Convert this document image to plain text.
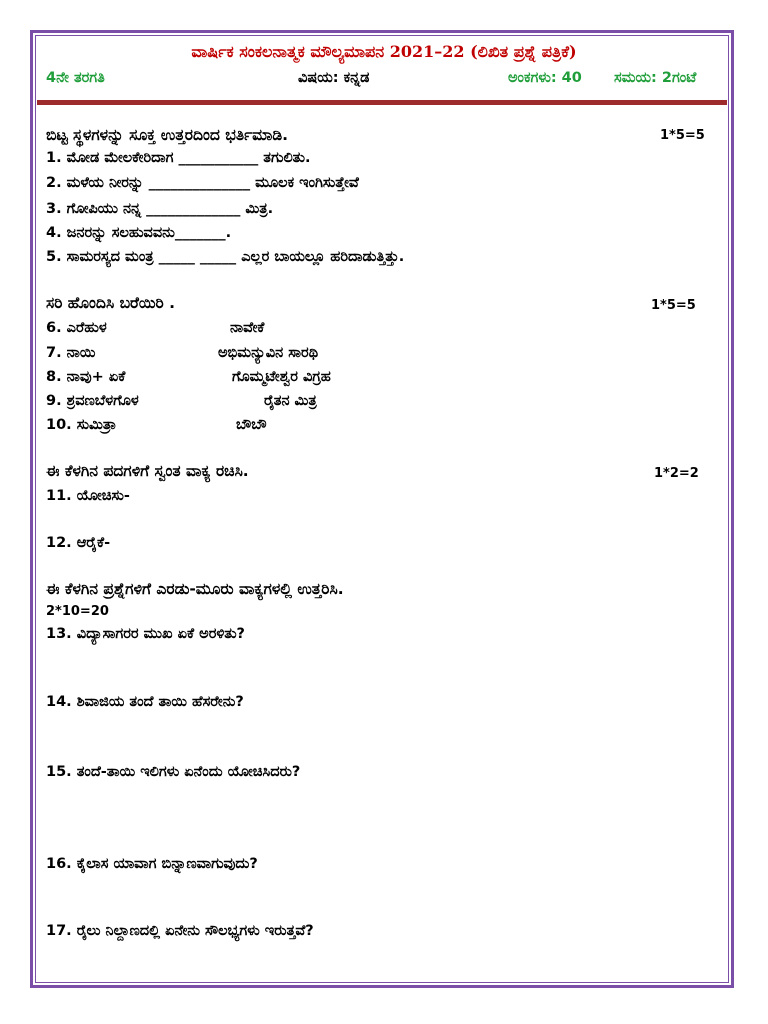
ವಾರ್ಷಿಕ ಸಂಕಲನಾತ್ಮಕ ಮೌಲ್ಯಮಾಪನ 2021–22 (ಲಿಖಿತ ಪ್ರಶ್ನೆ ಪತ್ರಿಕೆ)
4ನೇ ತರಗತಿ	ವಿಷಯ: ಕನ್ನಡ	ಅಂಕಗಳು: 40 ಸಮಯ: 2ಗಂಟೆ
ಬಿಟ್ಟ ಸ್ಥಳಗಳನ್ನು ಸೂಕ್ತ ಉತ್ತರದಿಂದ ಭರ್ತಿಮಾಡಿ.	1*5=5
1. ಮೋಡ ಮೇಲಕೇರಿದಾಗ ___________ ತಗುಲಿತು.
2. ಮಳೆಯ ನೀರನ್ನು ______________ ಮೂಲಕ ಇಂಗಿಸುತ್ತೇವೆ
3. ಗೋಪಿಯು ನನ್ನ _____________ ಮಿತ್ರ.
4. ಜನರನ್ನು ಸಲಹುವವನು_______.
5. ಸಾಮರಸ್ಯದ ಮಂತ್ರ _____ _____ ಎಲ್ಲರ ಬಾಯಲ್ಲೂ ಹರಿದಾಡುತ್ತಿತ್ತು.
ಸರಿ ಹೊಂದಿಸಿ ಬರೆಯಿರಿ .	1*5=5
6. ಎರೆಹುಳ	ನಾವೇಕೆ
7. ನಾಯಿ	ಅಭಿಮನ್ಯುವಿನ ಸಾರಥಿ
8. ನಾವು+ ಏಕೆ	ಗೊಮ್ಮಟೇಶ್ವರ ವಿಗ್ರಹ
9. ಶ್ರವಣಬೆಳಗೊಳ	ರೈತನ ಮಿತ್ರ
10. ಸುಮಿತ್ರಾ	ಬೌಬೌ
ಈ ಕೆಳಗಿನ ಪದಗಳಿಗೆ ಸ್ವಂತ ವಾಕ್ಯ ರಚಿಸಿ.	1*2=2
11. ಯೋಚಿಸು-
12. ಆರೈಕೆ-
ಈ ಕೆಳಗಿನ ಪ್ರಶ್ನೆಗಳಿಗೆ ಎರಡು-ಮೂರು ವಾಕ್ಯಗಳಲ್ಲಿ ಉತ್ತರಿಸಿ.
2*10=20
13. ವಿದ್ಯಾಸಾಗರರ ಮುಖ ಏಕೆ ಅರಳಿತು?
14. ಶಿವಾಜಿಯ ತಂದೆ ತಾಯಿ ಹೆಸರೇನು?
15. ತಂದೆ-ತಾಯಿ ಇಲಿಗಳು ಏನೆಂದು ಯೋಚಿಸಿದರು?
16. ಕೈಲಾಸ ಯಾವಾಗ ಬಿನ್ನಾಣವಾಗುವುದು?
17. ರೈಲು ನಿಲ್ದಾಣದಲ್ಲಿ ಏನೇನು ಸೌಲಭ್ಯಗಳು ಇರುತ್ತವೆ?
